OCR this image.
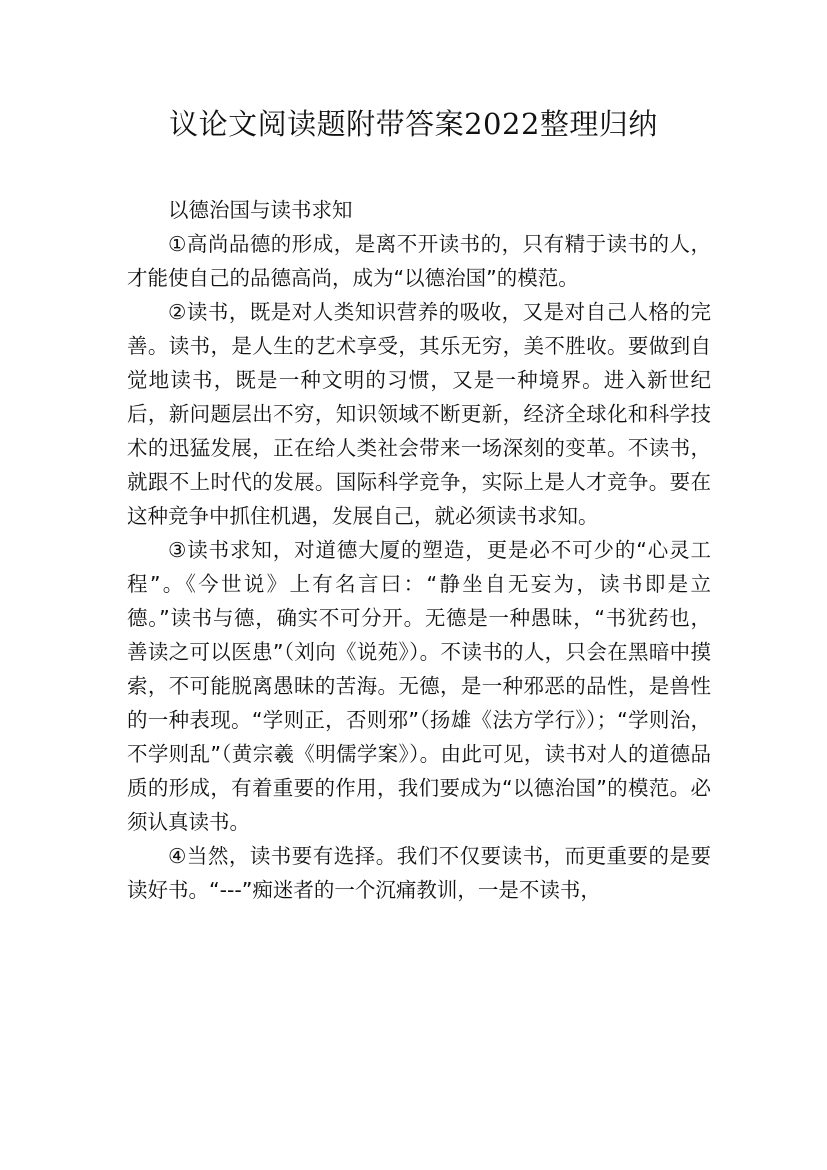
议论文阅读题附带答案2022整理归纳

以德治国与读书求知

①高尚品德的形成，是离不开读书的，只有精于读书的人，才能使自己的品德高尚，成为“以德治国”的模范。

②读书，既是对人类知识营养的吸收，又是对自己人格的完善。读书，是人生的艺术享受，其乐无穷，美不胜收。要做到自觉地读书，既是一种文明的习惯，又是一种境界。进入新世纪后，新问题层出不穷，知识领域不断更新，经济全球化和科学技术的迅猛发展，正在给人类社会带来一场深刻的变革。不读书，就跟不上时代的发展。国际科学竞争，实际上是人才竞争。要在这种竞争中抓住机遇，发展自己，就必须读书求知。

③读书求知，对道德大厦的塑造，更是必不可少的“心灵工程”。《今世说》上有名言曰：“静坐自无妄为，读书即是立德。”读书与德，确实不可分开。无德是一种愚昧，“书犹药也，善读之可以医患”（刘向《说苑》）。不读书的人，只会在黑暗中摸索，不可能脱离愚昧的苦海。无德，是一种邪恶的品性，是兽性的一种表现。“学则正，否则邪”（扬雄《法方学行》）；“学则治，不学则乱”（黄宗羲《明儒学案》）。由此可见，读书对人的道德品质的形成，有着重要的作用，我们要成为“以德治国”的模范。必须认真读书。

④当然，读书要有选择。我们不仅要读书，而更重要的是要读好书。“---”痴迷者的一个沉痛教训，一是不读书，
